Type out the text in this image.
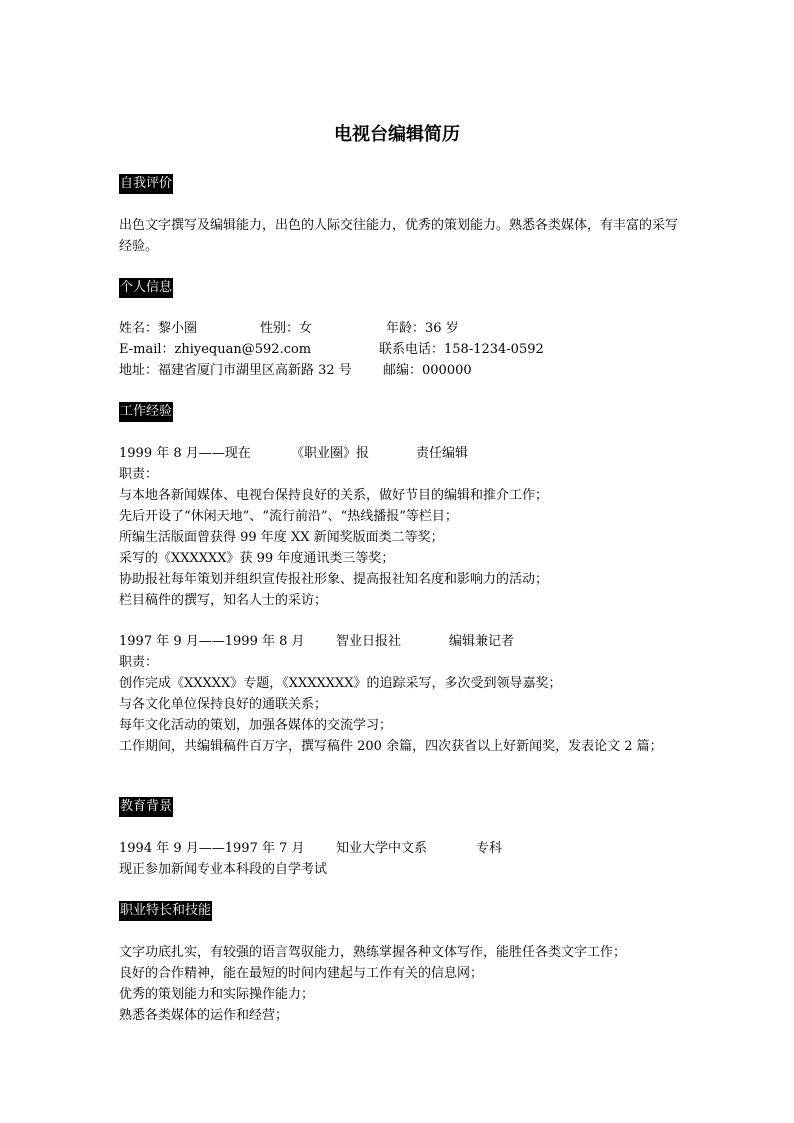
电视台编辑简历
自我评价
出色文字撰写及编辑能力，出色的人际交往能力，优秀的策划能力。熟悉各类媒体，有丰富的采写经验。
个人信息
姓名：黎小圈	性别：女	年龄：36 岁
E-mail：zhiyequan@592.com	联系电话：158-1234-0592
地址：福建省厦门市湖里区高新路 32 号 邮编：000000
工作经验
1999 年 8 月——现在	《职业圈》报	责任编辑
职责：
与本地各新闻媒体、电视台保持良好的关系，做好节目的编辑和推介工作；
先后开设了“休闲天地”、“流行前沿”、“热线播报”等栏目；
所编生活版面曾获得 99 年度 XX 新闻奖版面类二等奖；
采写的《XXXXXX》获 99 年度通讯类三等奖；
协助报社每年策划并组织宣传报社形象、提高报社知名度和影响力的活动；
栏目稿件的撰写，知名人士的采访；
1997 年 9 月——1999 年 8 月 智业日报社	编辑兼记者
职责：
创作完成《XXXXX》专题，《XXXXXXX》的追踪采写，多次受到领导嘉奖；
与各文化单位保持良好的通联关系；
每年文化活动的策划，加强各媒体的交流学习；
工作期间，共编辑稿件百万字，撰写稿件 200 余篇，四次获省以上好新闻奖，发表论文 2 篇；
教育背景
1994 年 9 月——1997 年 7 月 知业大学中文系	专科
现正参加新闻专业本科段的自学考试
职业特长和技能
文字功底扎实，有较强的语言驾驭能力，熟练掌握各种文体写作，能胜任各类文字工作；
良好的合作精神，能在最短的时间内建起与工作有关的信息网；
优秀的策划能力和实际操作能力；
熟悉各类媒体的运作和经营；
